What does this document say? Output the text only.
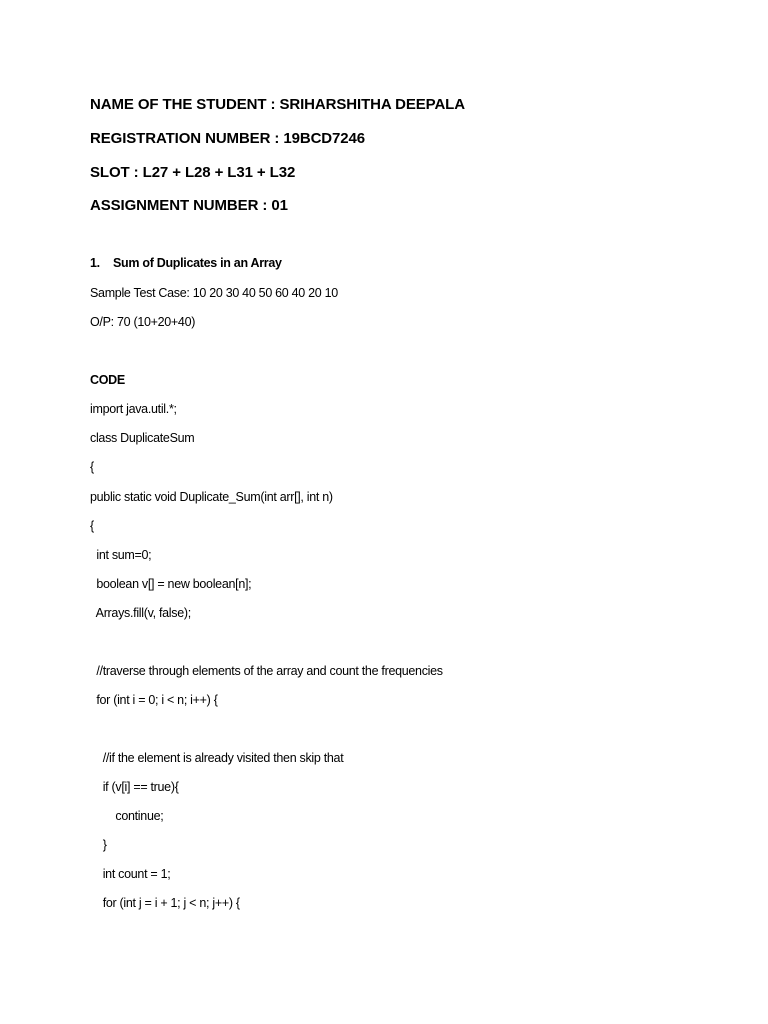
NAME OF THE STUDENT : SRIHARSHITHA DEEPALA
REGISTRATION NUMBER : 19BCD7246
SLOT : L27 + L28 + L31 + L32
ASSIGNMENT NUMBER : 01
1. Sum of Duplicates in an Array
Sample Test Case: 10 20 30 40 50 60 40 20 10
O/P: 70 (10+20+40)
CODE
import java.util.*;
class DuplicateSum
{
public static void Duplicate_Sum(int arr[], int n)
{
int sum=0;
boolean v[] = new boolean[n];
Arrays.fill(v, false);
//traverse through elements of the array and count the frequencies
for (int i = 0; i < n; i++) {
//if the element is already visited then skip that
if (v[i] == true){
continue;
}
int count = 1;
for (int j = i + 1; j < n; j++) {
